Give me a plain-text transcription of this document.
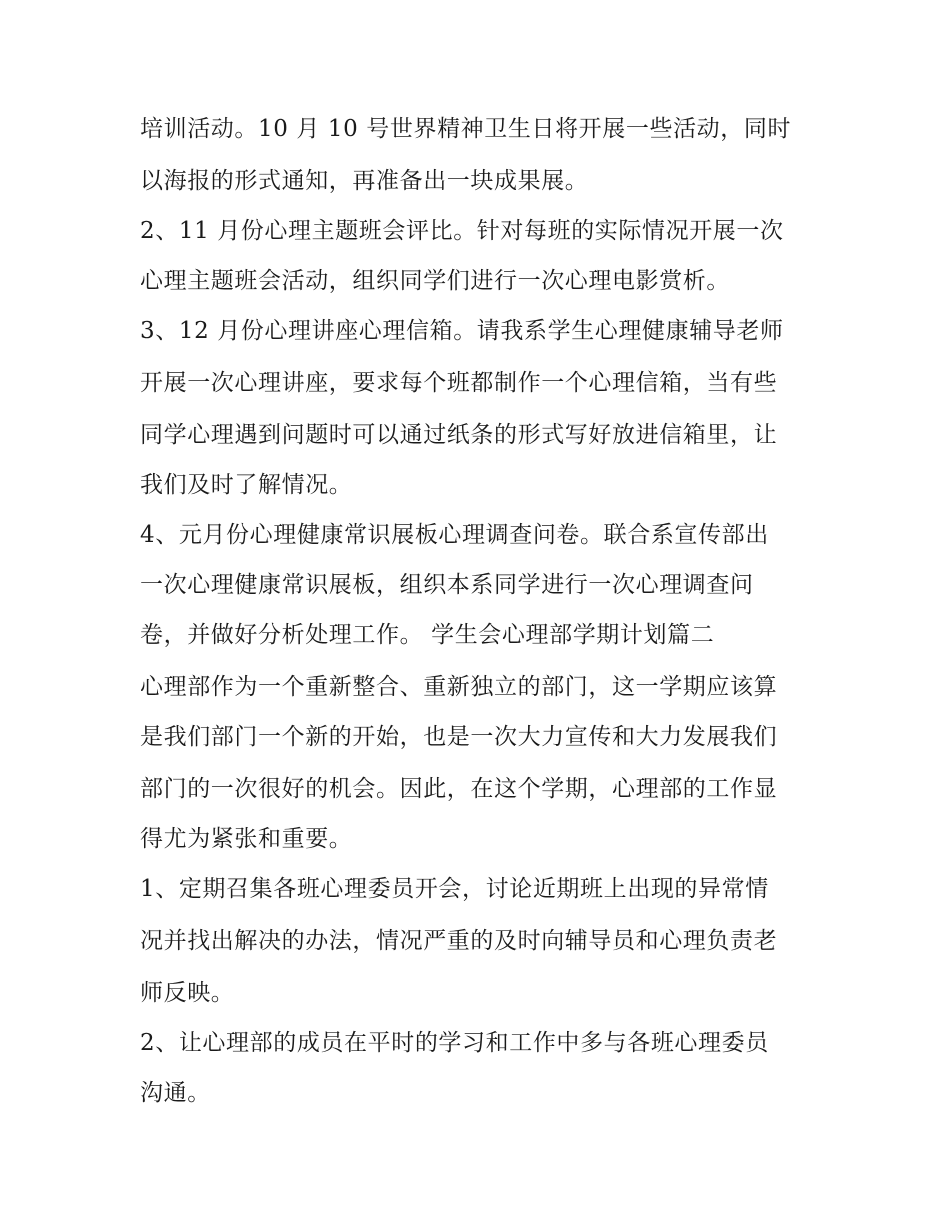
培训活动。10 月 10 号世界精神卫生日将开展一些活动，同时
以海报的形式通知，再准备出一块成果展。
2、11 月份心理主题班会评比。针对每班的实际情况开展一次
心理主题班会活动，组织同学们进行一次心理电影赏析。
3、12 月份心理讲座心理信箱。请我系学生心理健康辅导老师
开展一次心理讲座，要求每个班都制作一个心理信箱，当有些
同学心理遇到问题时可以通过纸条的形式写好放进信箱里，让
我们及时了解情况。
4、元月份心理健康常识展板心理调查问卷。联合系宣传部出
一次心理健康常识展板，组织本系同学进行一次心理调查问
卷，并做好分析处理工作。 学生会心理部学期计划篇二
心理部作为一个重新整合、重新独立的部门，这一学期应该算
是我们部门一个新的开始，也是一次大力宣传和大力发展我们
部门的一次很好的机会。因此，在这个学期，心理部的工作显
得尤为紧张和重要。
1、定期召集各班心理委员开会，讨论近期班上出现的异常情
况并找出解决的办法，情况严重的及时向辅导员和心理负责老
师反映。
2、让心理部的成员在平时的学习和工作中多与各班心理委员
沟通。
